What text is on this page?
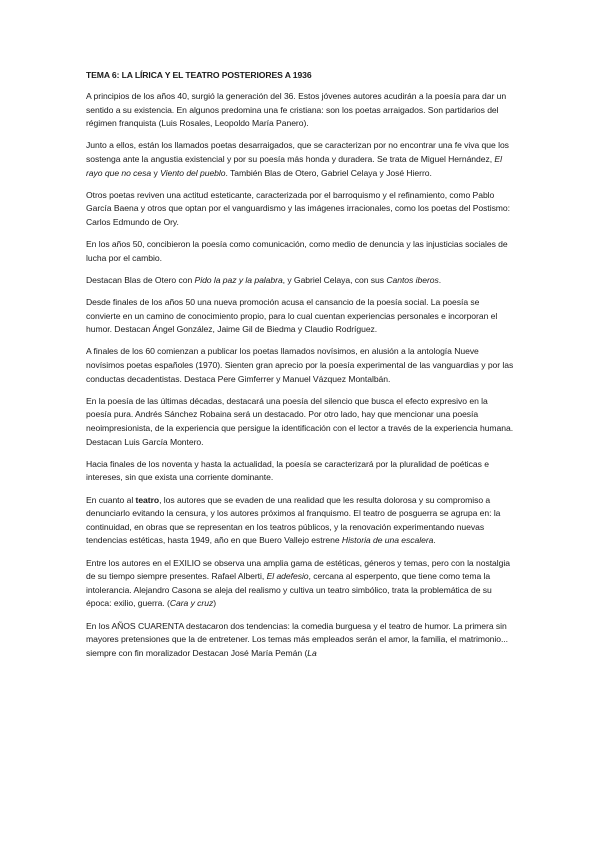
TEMA 6: LA LÍRICA Y EL TEATRO POSTERIORES A 1936

A principios de los años 40, surgió la generación del 36. Estos jóvenes autores acudirán a la poesía para dar un sentido a su existencia. En algunos predomina una fe cristiana: son los poetas arraigados. Son partidarios del régimen franquista (Luis Rosales, Leopoldo María Panero).

Junto a ellos, están los llamados poetas desarraigados, que se caracterizan por no encontrar una fe viva que los sostenga ante la angustia existencial y por su poesía más honda y duradera. Se trata de Miguel Hernández, El rayo que no cesa y Viento del pueblo. También Blas de Otero, Gabriel Celaya y José Hierro.

Otros poetas reviven una actitud esteticante, caracterizada por el barroquismo y el refinamiento, como Pablo García Baena y otros que optan por el vanguardismo y las imágenes irracionales, como los poetas del Postismo: Carlos Edmundo de Ory.

En los años 50, concibieron la poesía como comunicación, como medio de denuncia y las injusticias sociales de lucha por el cambio.

Destacan Blas de Otero con Pido la paz y la palabra, y Gabriel Celaya, con sus Cantos iberos.

Desde finales de los años 50 una nueva promoción acusa el cansancio de la poesía social. La poesía se convierte en un camino de conocimiento propio, para lo cual cuentan experiencias personales e incorporan el humor. Destacan Ángel González, Jaime Gil de Biedma y Claudio Rodríguez.

A finales de los 60 comienzan a publicar los poetas llamados novísimos, en alusión a la antología Nueve novísimos poetas españoles (1970). Sienten gran aprecio por la poesía experimental de las vanguardias y por las conductas decadentistas. Destaca Pere Gimferrer y Manuel Vázquez Montalbán.

En la poesía de las últimas décadas, destacará una poesía del silencio que busca el efecto expresivo en la poesía pura. Andrés Sánchez Robaina será un destacado. Por otro lado, hay que mencionar una poesía neoimpresionista, de la experiencia que persigue la identificación con el lector a través de la experiencia humana. Destacan Luis García Montero.

Hacia finales de los noventa y hasta la actualidad, la poesía se caracterizará por la pluralidad de poéticas e intereses, sin que exista una corriente dominante.

En cuanto al teatro, los autores que se evaden de una realidad que les resulta dolorosa y su compromiso a denunciarlo evitando la censura, y los autores próximos al franquismo. El teatro de posguerra se agrupa en: la continuidad, en obras que se representan en los teatros públicos, y la renovación experimentando nuevas tendencias estéticas, hasta 1949, año en que Buero Vallejo estrene Historia de una escalera.

Entre los autores en el EXILIO se observa una amplia gama de estéticas, géneros y temas, pero con la nostalgia de su tiempo siempre presentes. Rafael Alberti, El adefesio, cercana al esperpento, que tiene como tema la intolerancia. Alejandro Casona se aleja del realismo y cultiva un teatro simbólico, trata la problemática de su época: exilio, guerra. (Cara y cruz)

En los AÑOS CUARENTA destacaron dos tendencias: la comedia burguesa y el teatro de humor. La primera sin mayores pretensiones que la de entretener. Los temas más empleados serán el amor, la familia, el matrimonio... siempre con fin moralizador Destacan José María Pemán (La
